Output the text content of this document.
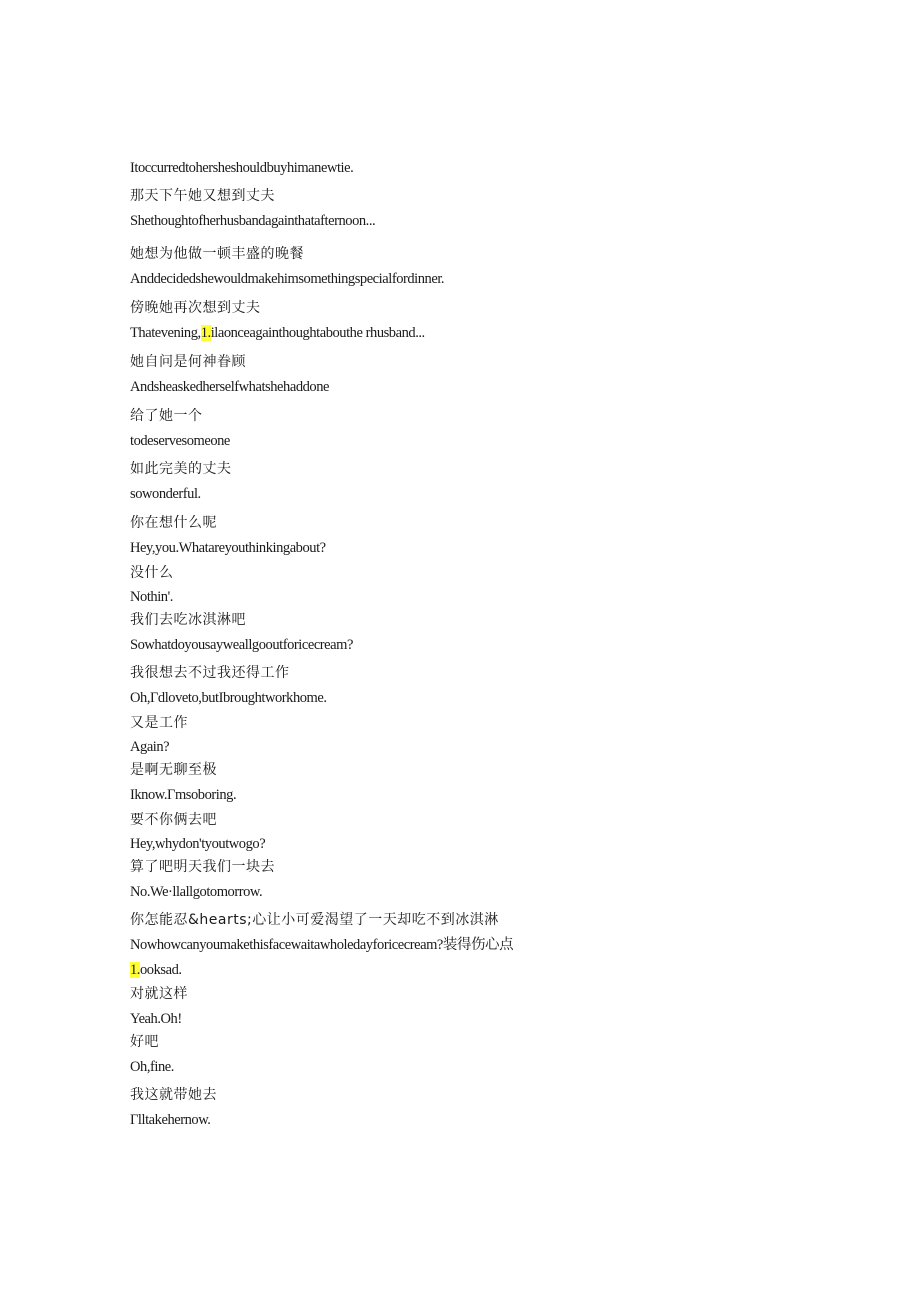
Itoccurredtohersheshouldbuyhimanewtie.
那天下午她又想到丈夫
Shethoughtofherhusbandagainthatafternoon...
她想为他做一顿丰盛的晚餐
Anddecidedshewouldmakehimsomethingspecialfordinner.
傍晚她再次想到丈夫
Thatevening,1.ilaonceagainthoughtabouthe rhusband...
她自问是何神眷顾
Andsheaskedherselfwhatshehaddone
给了她一个
todeservesomeone
如此完美的丈夫
sowonderful.
你在想什么呢
Hey,you.Whatareyouthinkingabout?
没什么
Nothin'.
我们去吃冰淇淋吧
Sowhatdoyousayweallgooutforicecream?
我很想去不过我还得工作
Oh,Γdloveto,butIbroughtworkhome.
又是工作
Again?
是啊无聊至极
Iknow.Γmsoboring.
要不你俩去吧
Hey,whydon'tyoutwogo?
算了吧明天我们一块去
No.We·llallgotomorrow.
你怎能忍&hearts;心让小可爱渴望了一天却吃不到冰淇淋
Nowhowcanyoumakethisfacewaitawholedayforicecream?装得伤心点
1.ooksad.
对就这样
Yeah.Oh!
好吧
Oh,fine.
我这就带她去
Γlltakehernow.
